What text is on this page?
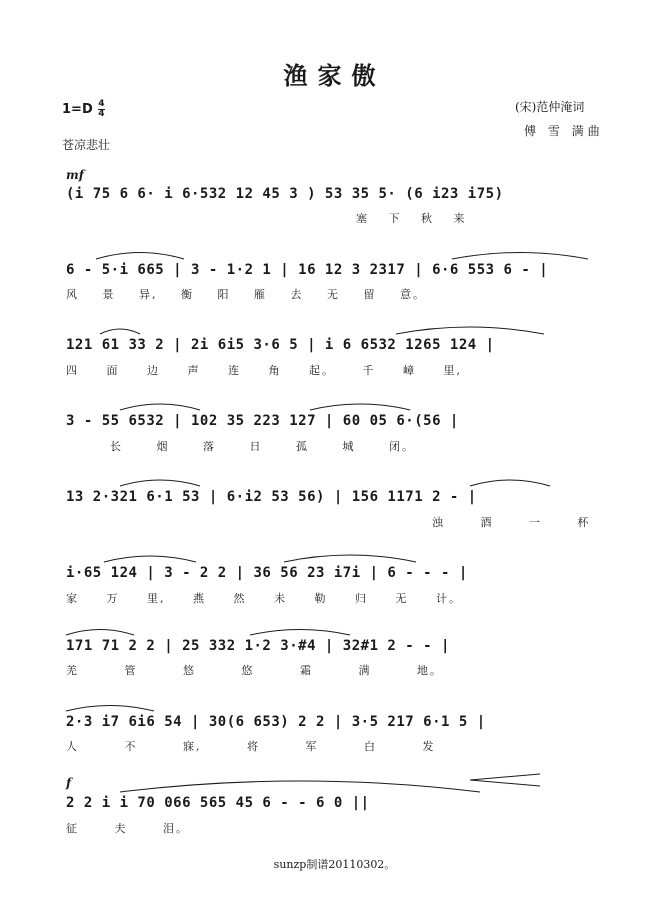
渔家傲
$1=D \frac{4}{4}$	(宋)范仲淹词
傅 雪 满曲
苍凉悲壮
mf
f
(i 75 6 6· i 6·532 12 45 3 ) 53 35 5· (6 i23 i75)
塞 下 秋 来
6 - 5·i 665 | 3 - 1·2 1 | 16 12 3 2317 | 6·6 553 6 - |
风 景 异, 衡 阳 雁 去 无 留 意。
121 61 33 2 | 2i 6i5 3·6 5 | i 6 6532 1265 124 |
四 面 边 声 连 角 起。 千 嶂 里,
3 - 55 6532 | 102 35 223 127 | 60 05 6·(56 |
长 烟 落 日 孤 城 闭。
13 2·321 6·1 53 | 6·i2 53 56) | 156 1171 2 - |
浊 酒 一 杯
i·65 124 | 3 - 2 2 | 36 56 23 i7i | 6 - - - |
家 万 里, 燕 然 未 勒 归 无 计。
171 71 2 2 | 25 332 1·2 3·#4 | 32#1 2 - - |
羌 管 悠 悠 霜 满 地。
2·3 i7 6i6 54 | 30(6 653) 2 2 | 3·5 217 6·1 5 |
人 不 寐, 将 军 白 发
2 2 i i 70 066 565 45 6 - - 6 0 ||
征 夫 泪。
sunzp制谱20110302。
